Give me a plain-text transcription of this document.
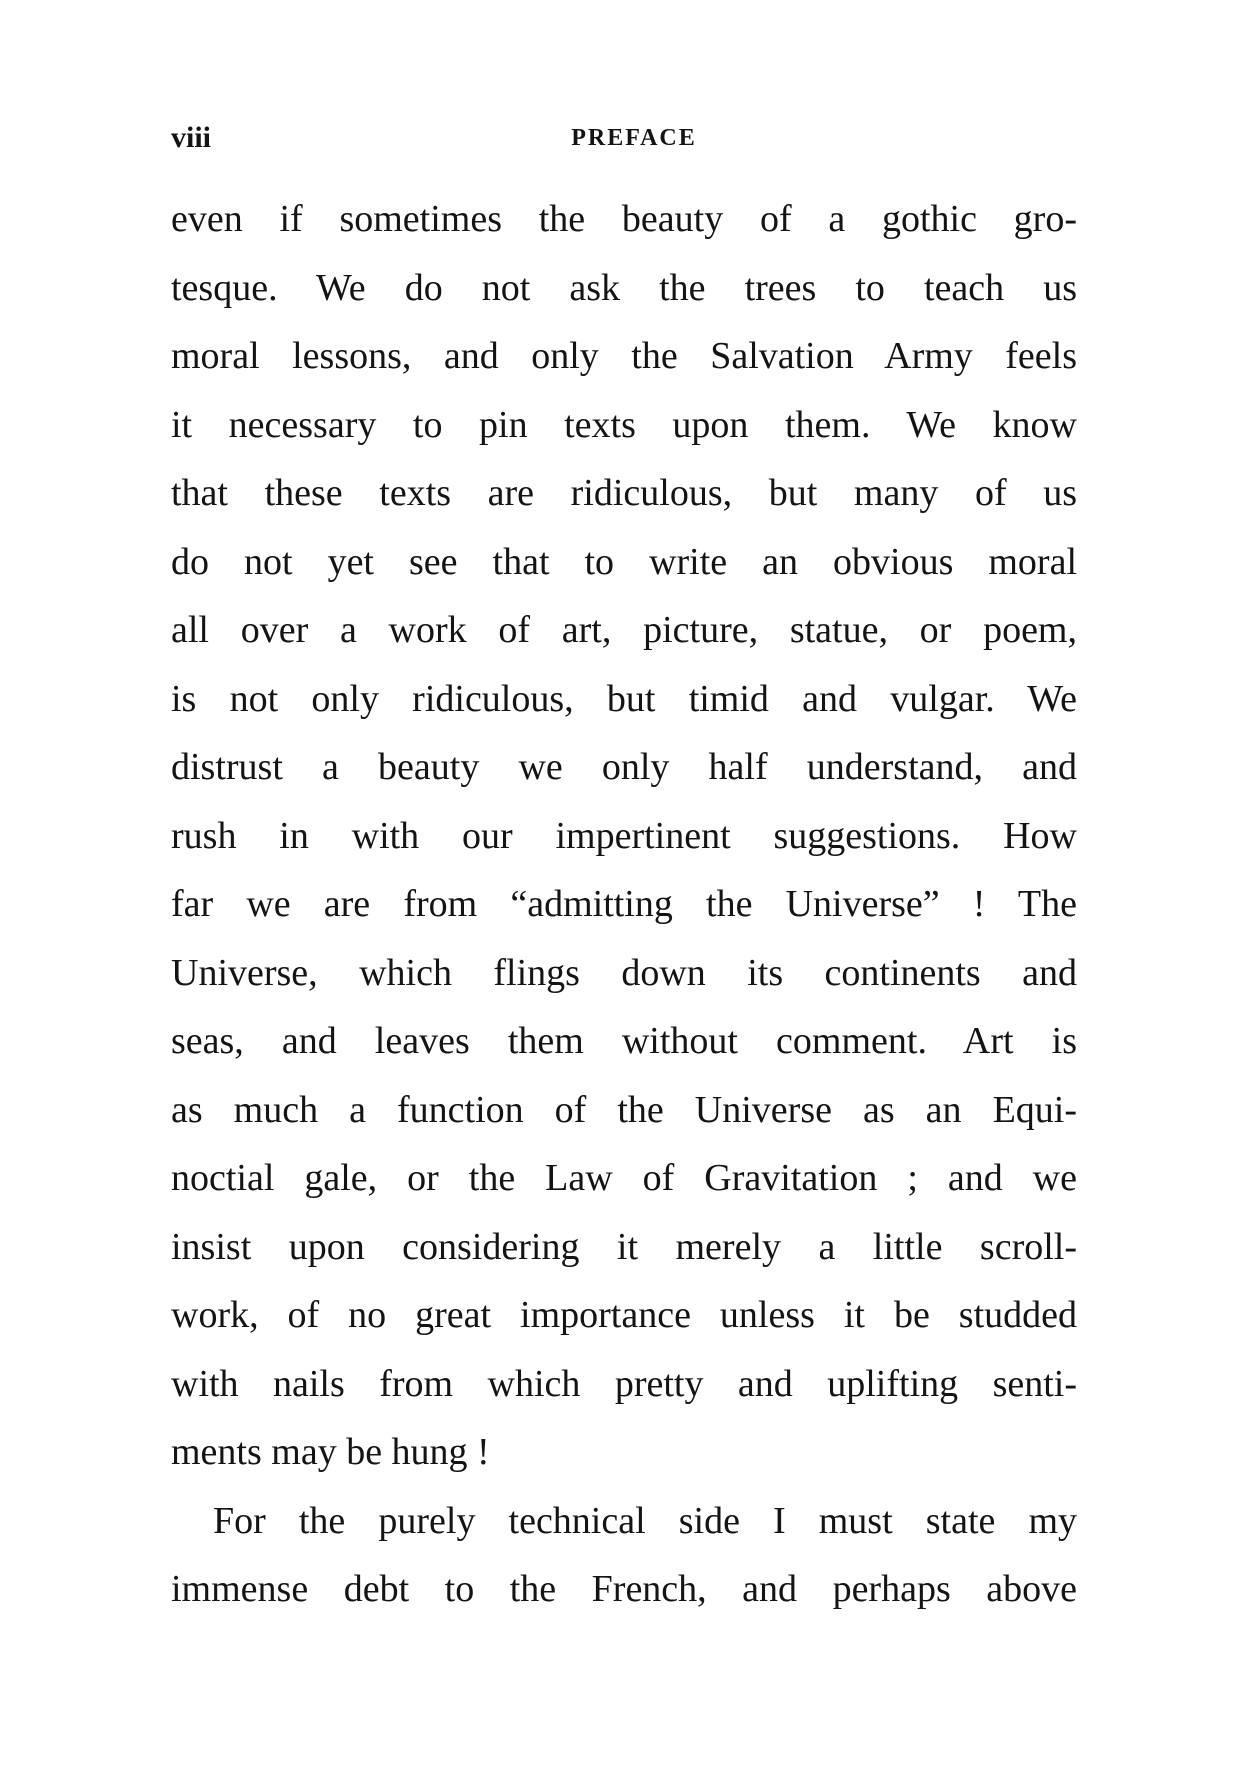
viii	PREFACE
even if sometimes the beauty of a gothic gro-
tesque. We do not ask the trees to teach us
moral lessons, and only the Salvation Army feels
it necessary to pin texts upon them. We know
that these texts are ridiculous, but many of us
do not yet see that to write an obvious moral
all over a work of art, picture, statue, or poem,
is not only ridiculous, but timid and vulgar. We
distrust a beauty we only half understand, and
rush in with our impertinent suggestions. How
far we are from “admitting the Universe” ! The
Universe, which flings down its continents and
seas, and leaves them without comment. Art is
as much a function of the Universe as an Equi-
noctial gale, or the Law of Gravitation ; and we
insist upon considering it merely a little scroll-
work, of no great importance unless it be studded
with nails from which pretty and uplifting senti-
ments may be hung !
For the purely technical side I must state my
immense debt to the French, and perhaps above
